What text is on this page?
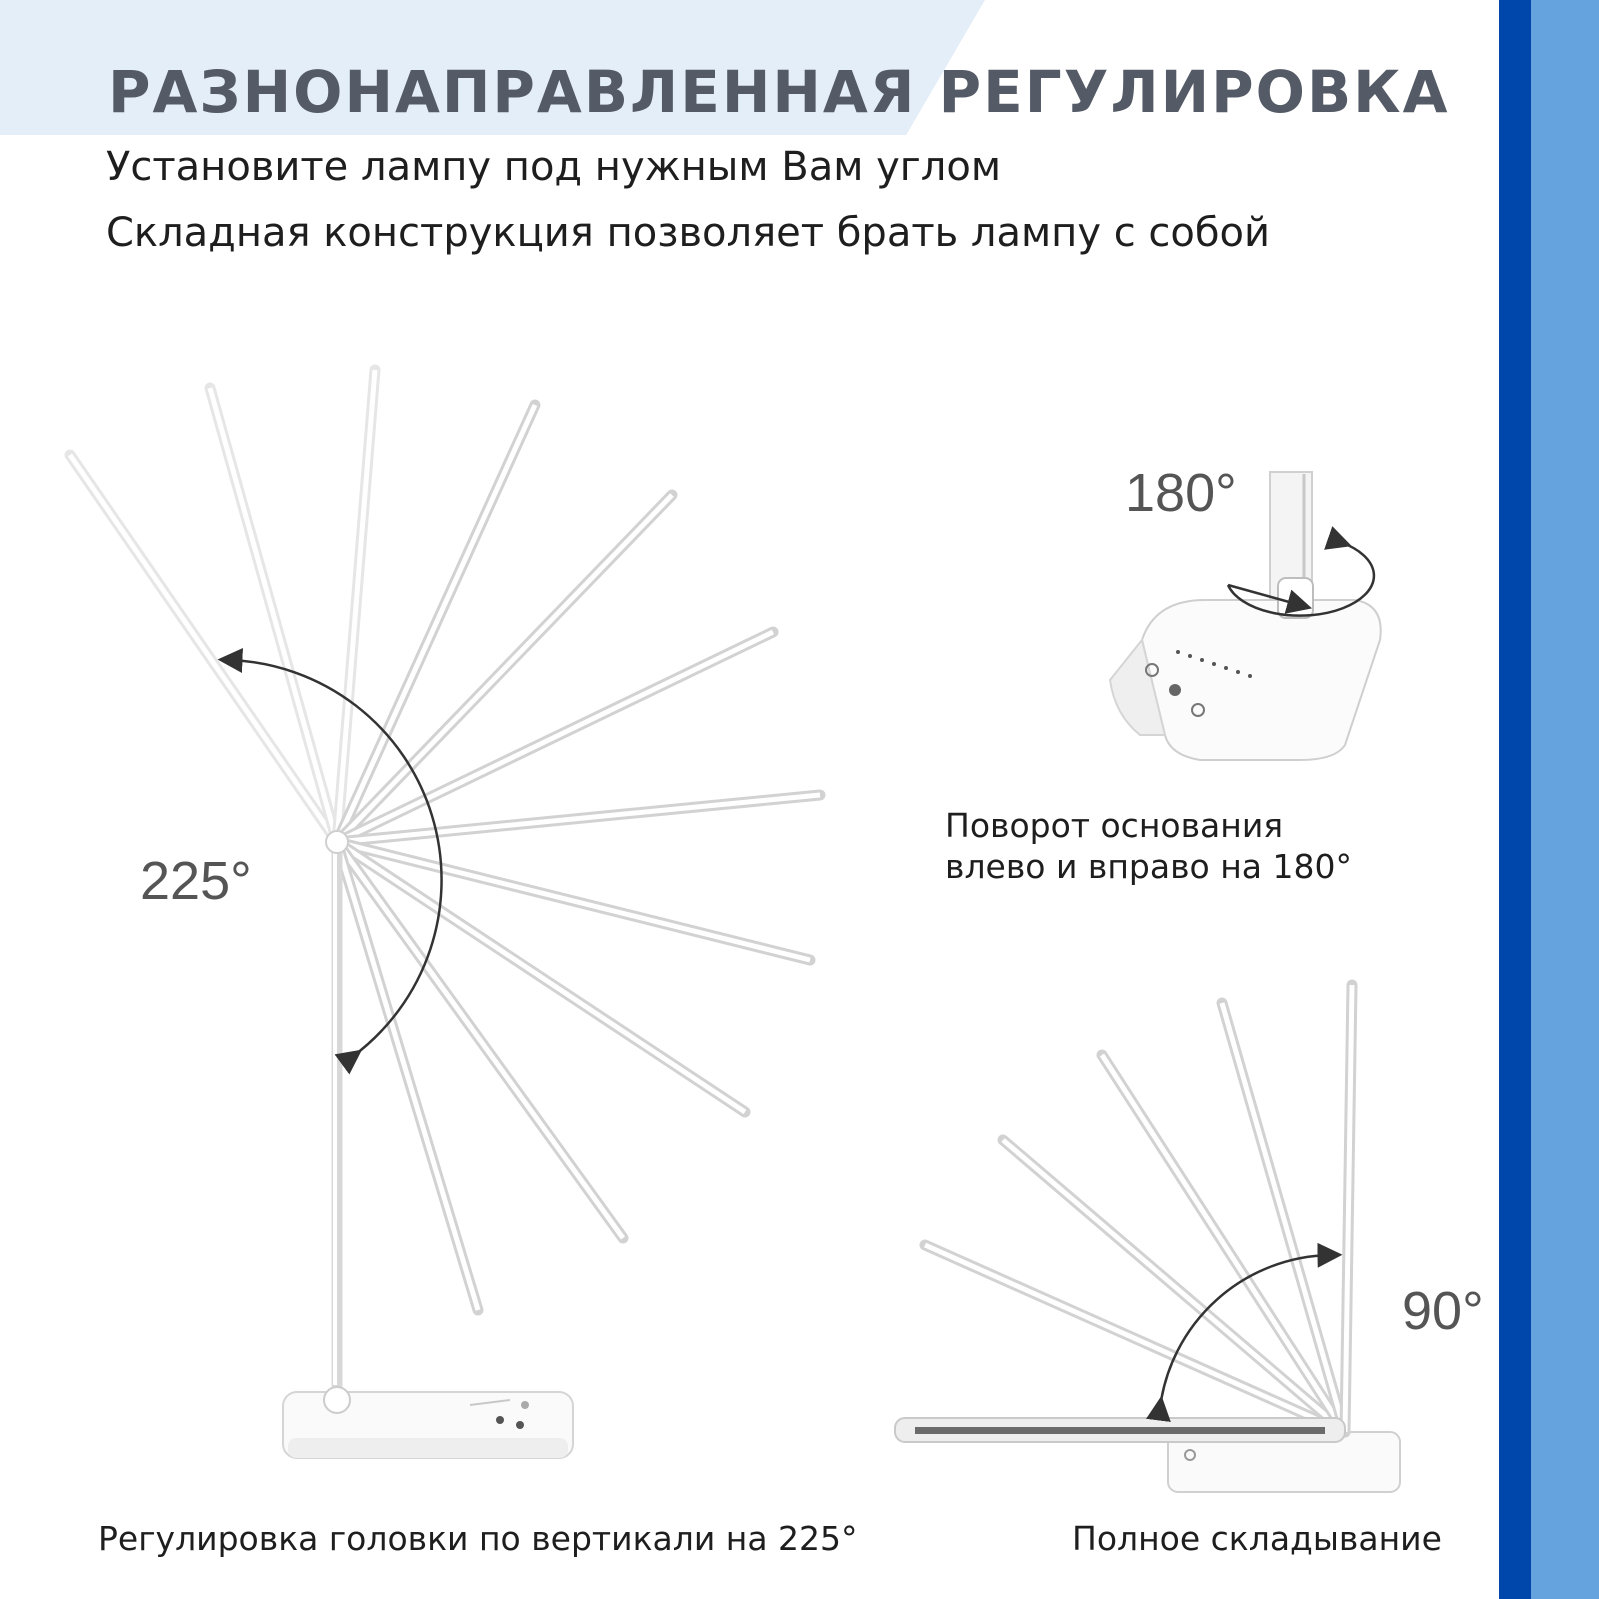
РАЗНОНАПРАВЛЕННАЯ РЕГУЛИРОВКА

Установите лампу под нужным Вам углом

Складная конструкция позволяет брать лампу с собой

225°
180°
90°
Регулировка головки по вертикали на 225°
Поворот основания
влево и вправо на 180°
Полное складывание
